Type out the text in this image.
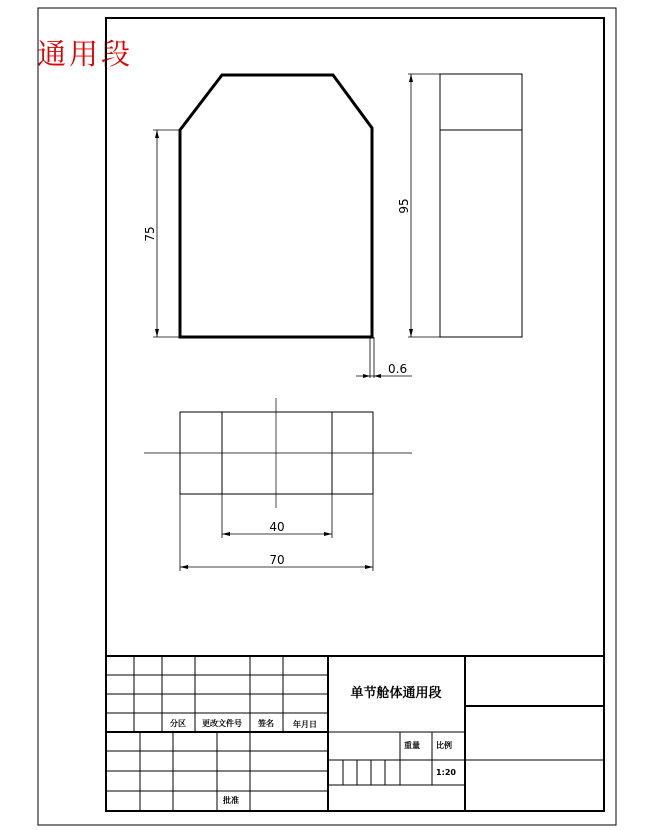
通用段
75
0.6
95
40
70
单节舱体通用段
分区 更改文件号 签名 年月日
重量 比例
1:20
批准
